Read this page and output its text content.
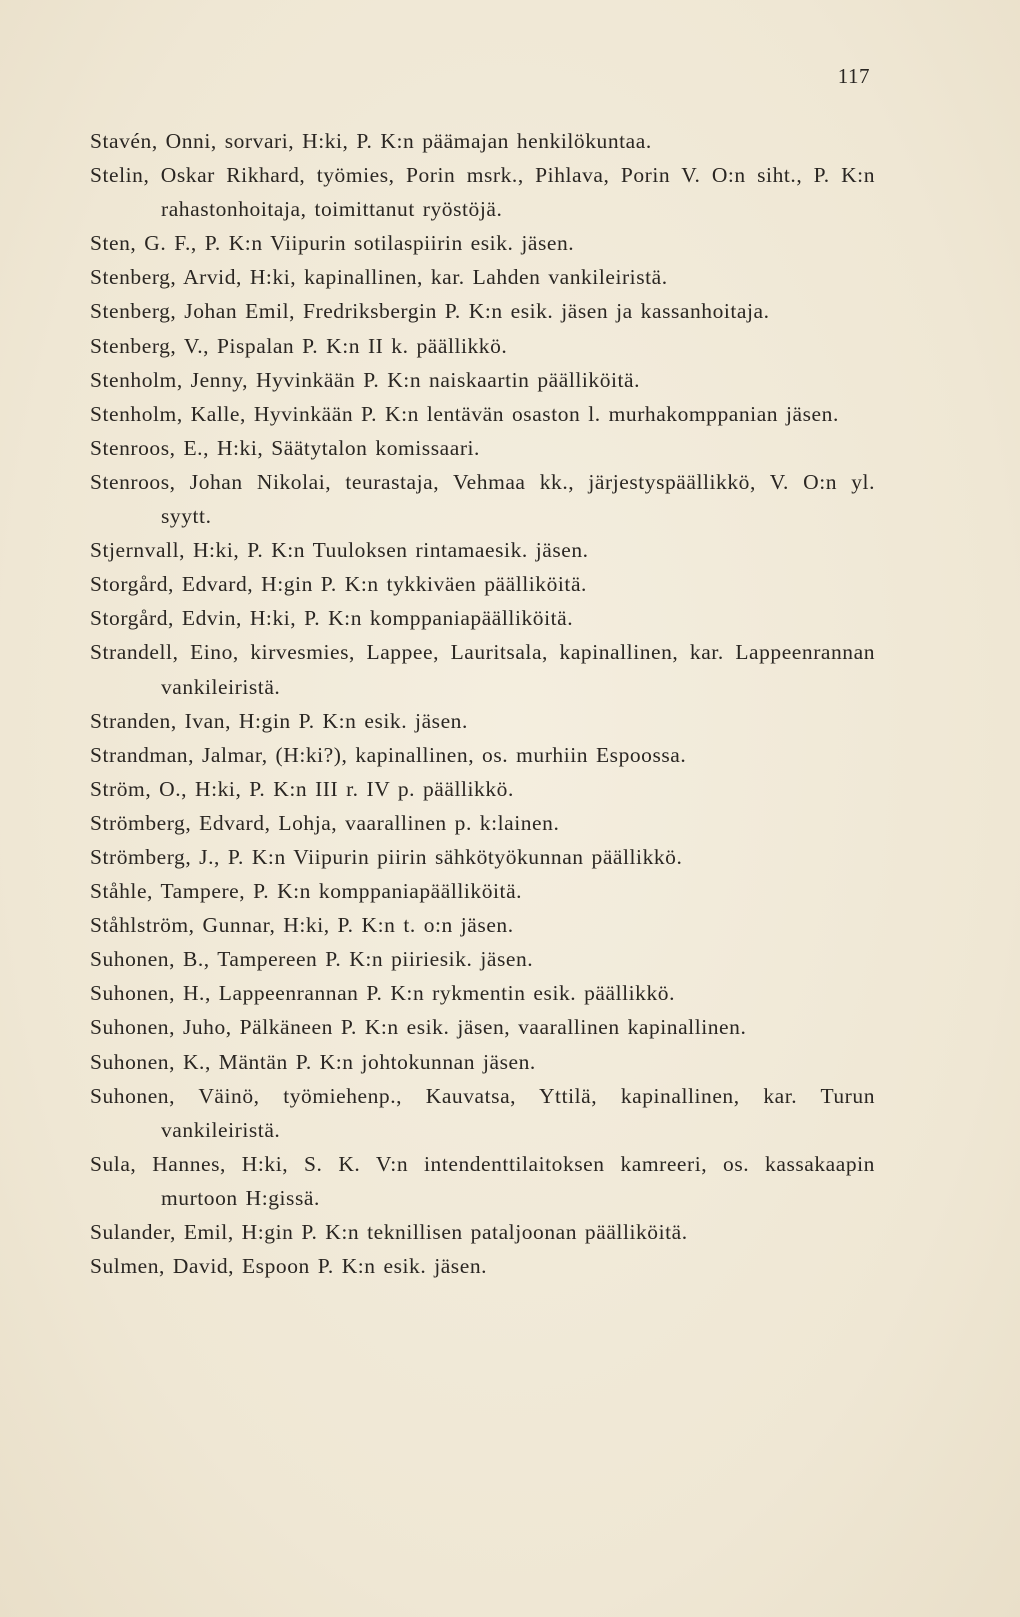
117
Stavén, Onni, sorvari, H:ki, P. K:n päämajan henkilökuntaa.
Stelin, Oskar Rikhard, työmies, Porin msrk., Pihlava, Porin V. O:n siht., P. K:n rahastonhoitaja, toimittanut ryöstöjä.
Sten, G. F., P. K:n Viipurin sotilaspiirin esik. jäsen.
Stenberg, Arvid, H:ki, kapinallinen, kar. Lahden vankileiristä.
Stenberg, Johan Emil, Fredriksbergin P. K:n esik. jäsen ja kassanhoitaja.
Stenberg, V., Pispalan P. K:n II k. päällikkö.
Stenholm, Jenny, Hyvinkään P. K:n naiskaartin päälliköitä.
Stenholm, Kalle, Hyvinkään P. K:n lentävän osaston l. murhakomppanian jäsen.
Stenroos, E., H:ki, Säätytalon komissaari.
Stenroos, Johan Nikolai, teurastaja, Vehmaa kk., järjestyspäällikkö, V. O:n yl. syytt.
Stjernvall, H:ki, P. K:n Tuuloksen rintamaesik. jäsen.
Storgård, Edvard, H:gin P. K:n tykkiväen päälliköitä.
Storgård, Edvin, H:ki, P. K:n komppaniapäälliköitä.
Strandell, Eino, kirvesmies, Lappee, Lauritsala, kapinallinen, kar. Lappeenrannan vankileiristä.
Stranden, Ivan, H:gin P. K:n esik. jäsen.
Strandman, Jalmar, (H:ki?), kapinallinen, os. murhiin Espoossa.
Ström, O., H:ki, P. K:n III r. IV p. päällikkö.
Strömberg, Edvard, Lohja, vaarallinen p. k:lainen.
Strömberg, J., P. K:n Viipurin piirin sähkötyökunnan päällikkö.
Ståhle, Tampere, P. K:n komppaniapäälliköitä.
Ståhlström, Gunnar, H:ki, P. K:n t. o:n jäsen.
Suhonen, B., Tampereen P. K:n piiriesik. jäsen.
Suhonen, H., Lappeenrannan P. K:n rykmentin esik. päällikkö.
Suhonen, Juho, Pälkäneen P. K:n esik. jäsen, vaarallinen kapinallinen.
Suhonen, K., Mäntän P. K:n johtokunnan jäsen.
Suhonen, Väinö, työmiehenp., Kauvatsa, Yttilä, kapinallinen, kar. Turun vankileiristä.
Sula, Hannes, H:ki, S. K. V:n intendenttilaitoksen kamreeri, os. kassakaapin murtoon H:gissä.
Sulander, Emil, H:gin P. K:n teknillisen pataljoonan päälliköitä.
Sulmen, David, Espoon P. K:n esik. jäsen.
